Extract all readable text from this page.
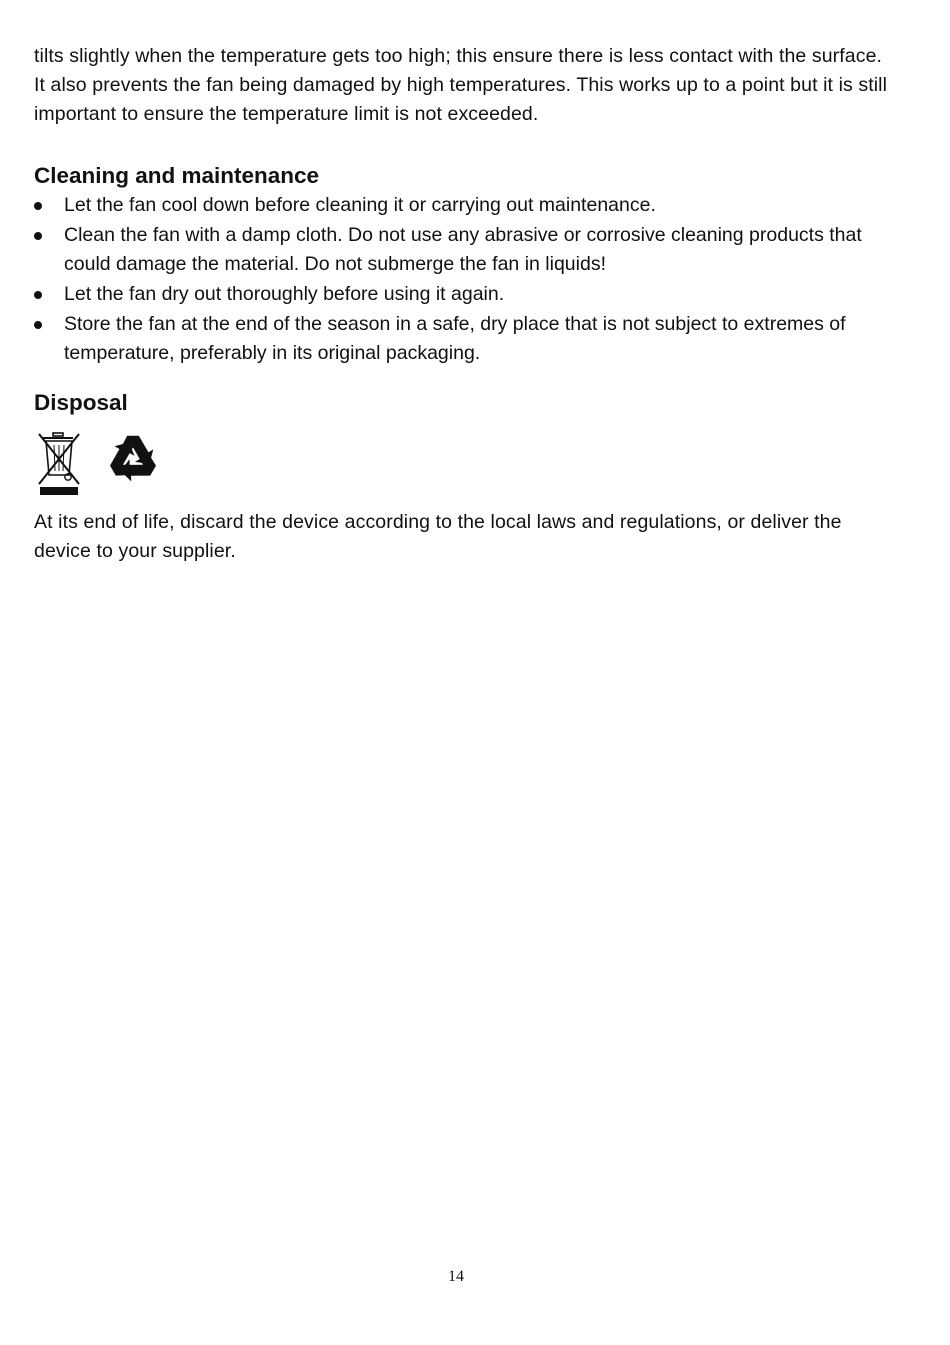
tilts slightly when the temperature gets too high; this ensure there is less contact with the surface. It also prevents the fan being damaged by high temperatures. This works up to a point but it is still important to ensure the temperature limit is not exceeded.

Cleaning and maintenance
Let the fan cool down before cleaning it or carrying out maintenance.
Clean the fan with a damp cloth. Do not use any abrasive or corrosive cleaning products that could damage the material. Do not submerge the fan in liquids!
Let the fan dry out thoroughly before using it again.
Store the fan at the end of the season in a safe, dry place that is not subject to extremes of temperature, preferably in its original packaging.
Disposal

At its end of life, discard the device according to the local laws and regulations, or deliver the device to your supplier.

14
